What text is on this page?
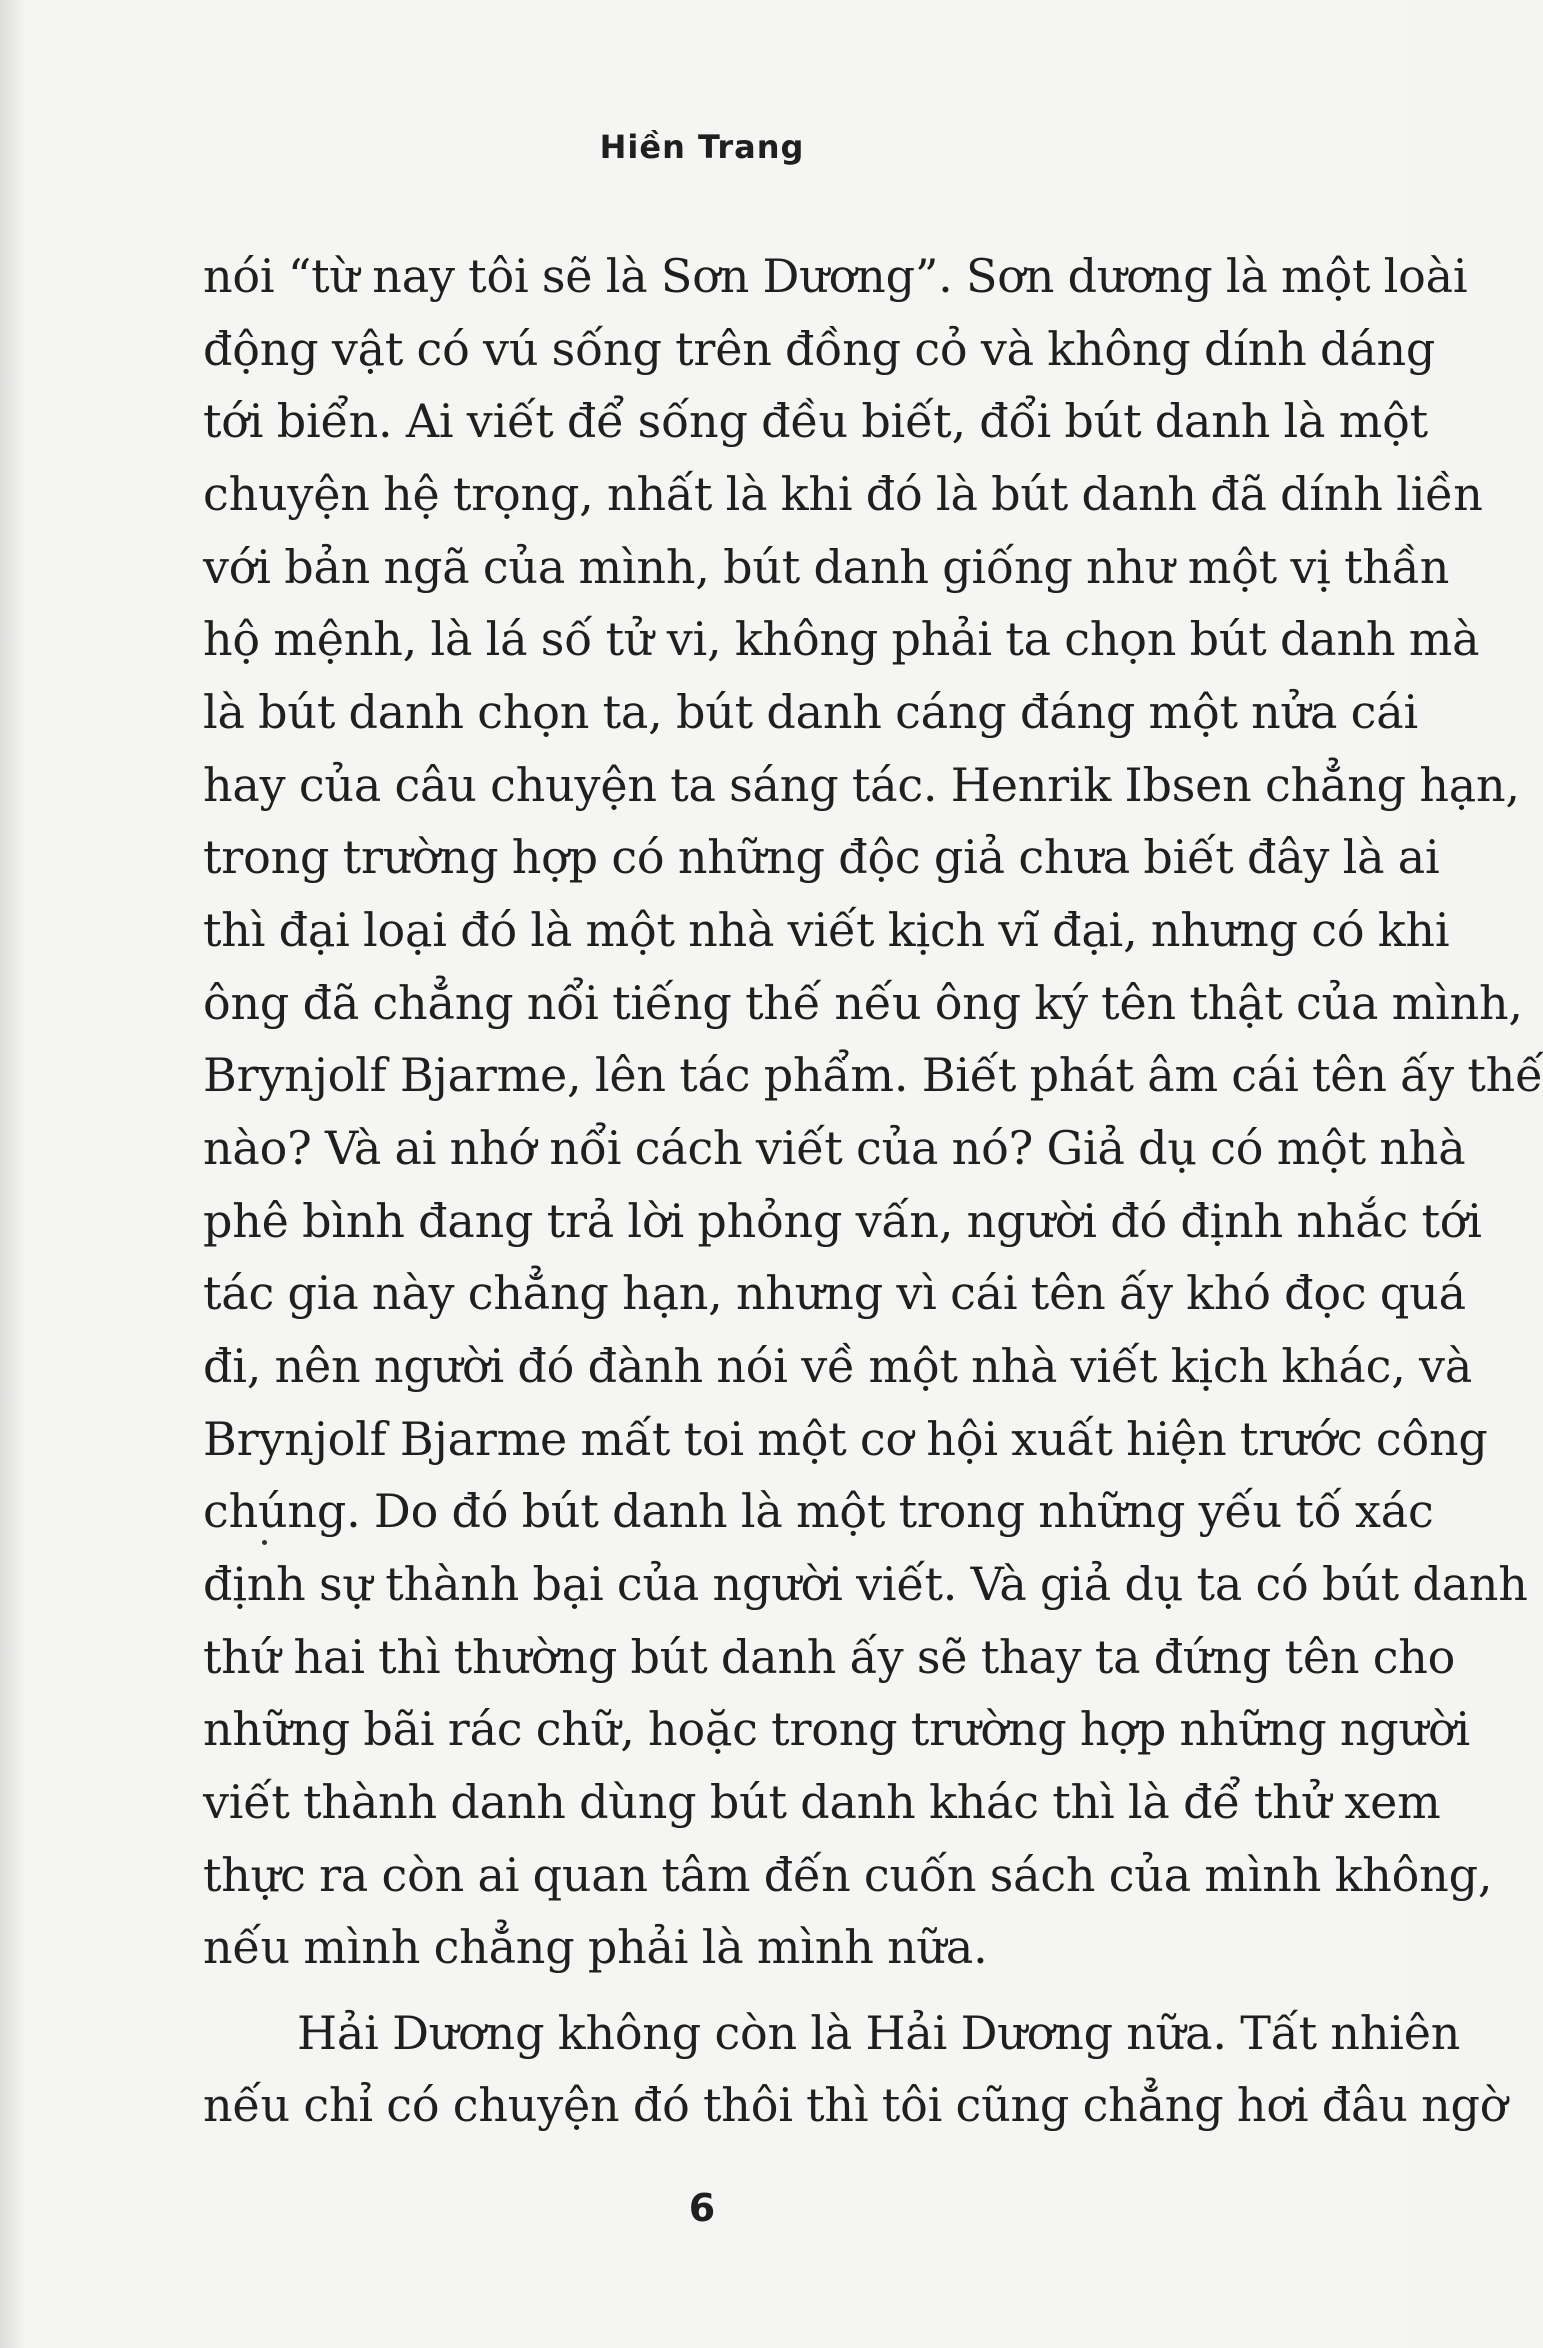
Hiền Trang
nói “từ nay tôi sẽ là Sơn Dương”. Sơn dương là một loài
động vật có vú sống trên đồng cỏ và không dính dáng
tới biển. Ai viết để sống đều biết, đổi bút danh là một
chuyện hệ trọng, nhất là khi đó là bút danh đã dính liền
với bản ngã của mình, bút danh giống như một vị thần
hộ mệnh, là lá số tử vi, không phải ta chọn bút danh mà
là bút danh chọn ta, bút danh cáng đáng một nửa cái
hay của câu chuyện ta sáng tác. Henrik Ibsen chẳng hạn,
trong trường hợp có những độc giả chưa biết đây là ai
thì đại loại đó là một nhà viết kịch vĩ đại, nhưng có khi
ông đã chẳng nổi tiếng thế nếu ông ký tên thật của mình,
Brynjolf Bjarme, lên tác phẩm. Biết phát âm cái tên ấy thế
nào? Và ai nhớ nổi cách viết của nó? Giả dụ có một nhà
phê bình đang trả lời phỏng vấn, người đó định nhắc tới
tác gia này chẳng hạn, nhưng vì cái tên ấy khó đọc quá
đi, nên người đó đành nói về một nhà viết kịch khác, và
Brynjolf Bjarme mất toi một cơ hội xuất hiện trước công
chúng. Do đó bút danh là một trong những yếu tố xác
định sự thành bại của người viết. Và giả dụ ta có bút danh
thứ hai thì thường bút danh ấy sẽ thay ta đứng tên cho
những bãi rác chữ, hoặc trong trường hợp những người
viết thành danh dùng bút danh khác thì là để thử xem
thực ra còn ai quan tâm đến cuốn sách của mình không,
nếu mình chẳng phải là mình nữa.
Hải Dương không còn là Hải Dương nữa. Tất nhiên
nếu chỉ có chuyện đó thôi thì tôi cũng chẳng hơi đâu ngờ
6
